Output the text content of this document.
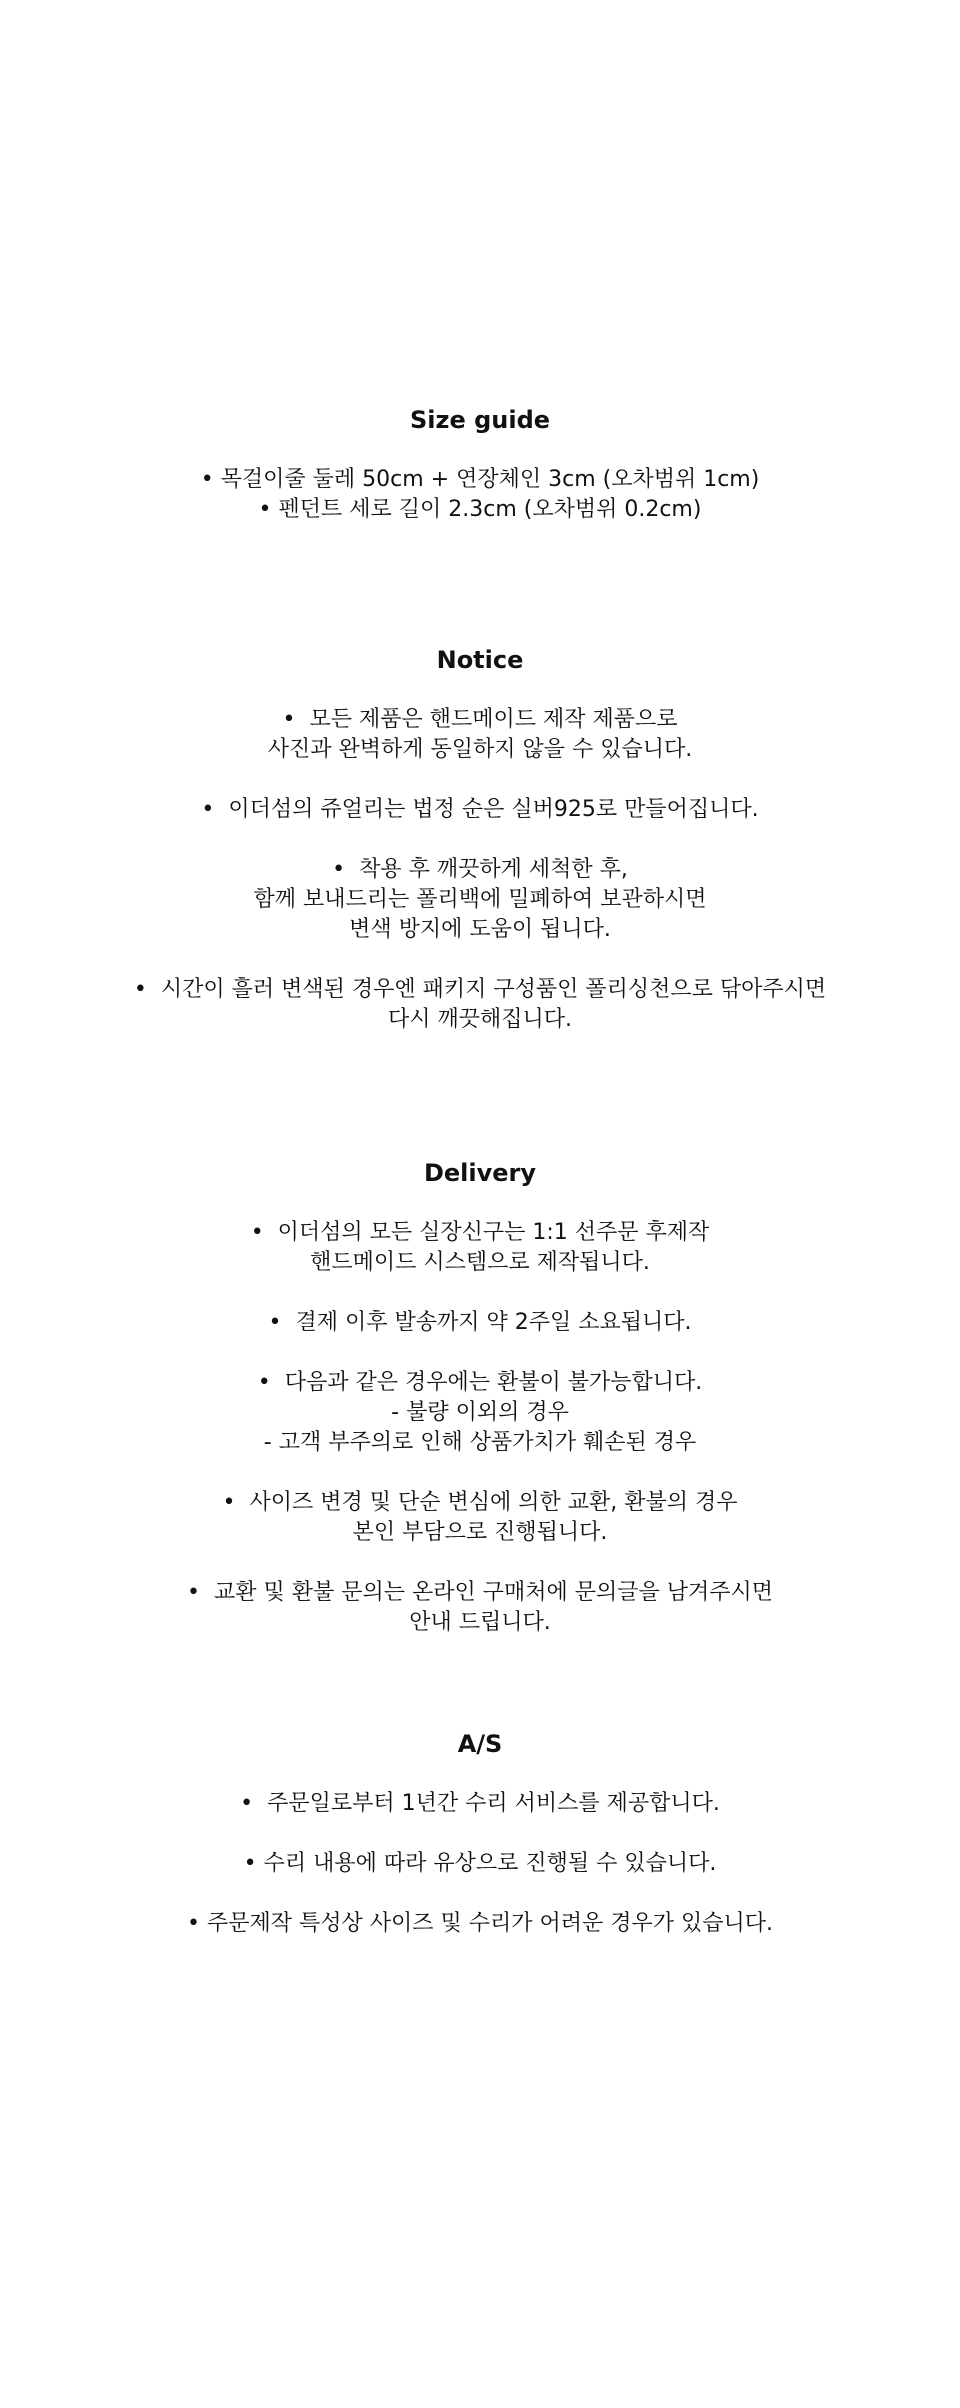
Size guide
• 목걸이줄 둘레 50cm + 연장체인 3cm (오차범위 1cm)
• 펜던트 세로 길이 2.3cm (오차범위 0.2cm)
Notice

•  모든 제품은 핸드메이드 제작 제품으로
사진과 완벽하게 동일하지 않을 수 있습니다.

•  이더섬의 쥬얼리는 법정 순은 실버925로 만들어집니다.

•  착용 후 깨끗하게 세척한 후,
함께 보내드리는 폴리백에 밀폐하여 보관하시면
변색 방지에 도움이 됩니다.

•  시간이 흘러 변색된 경우엔 패키지 구성품인 폴리싱천으로 닦아주시면
다시 깨끗해집니다.

Delivery

•  이더섬의 모든 실장신구는 1:1 선주문 후제작
핸드메이드 시스템으로 제작됩니다.

•  결제 이후 발송까지 약 2주일 소요됩니다.

•  다음과 같은 경우에는 환불이 불가능합니다.
- 불량 이외의 경우
- 고객 부주의로 인해 상품가치가 훼손된 경우

•  사이즈 변경 및 단순 변심에 의한 교환, 환불의 경우
본인 부담으로 진행됩니다.

•  교환 및 환불 문의는 온라인 구매처에 문의글을 남겨주시면
안내 드립니다.

A/S

•  주문일로부터 1년간 수리 서비스를 제공합니다.

• 수리 내용에 따라 유상으로 진행될 수 있습니다.

• 주문제작 특성상 사이즈 및 수리가 어려운 경우가 있습니다.
